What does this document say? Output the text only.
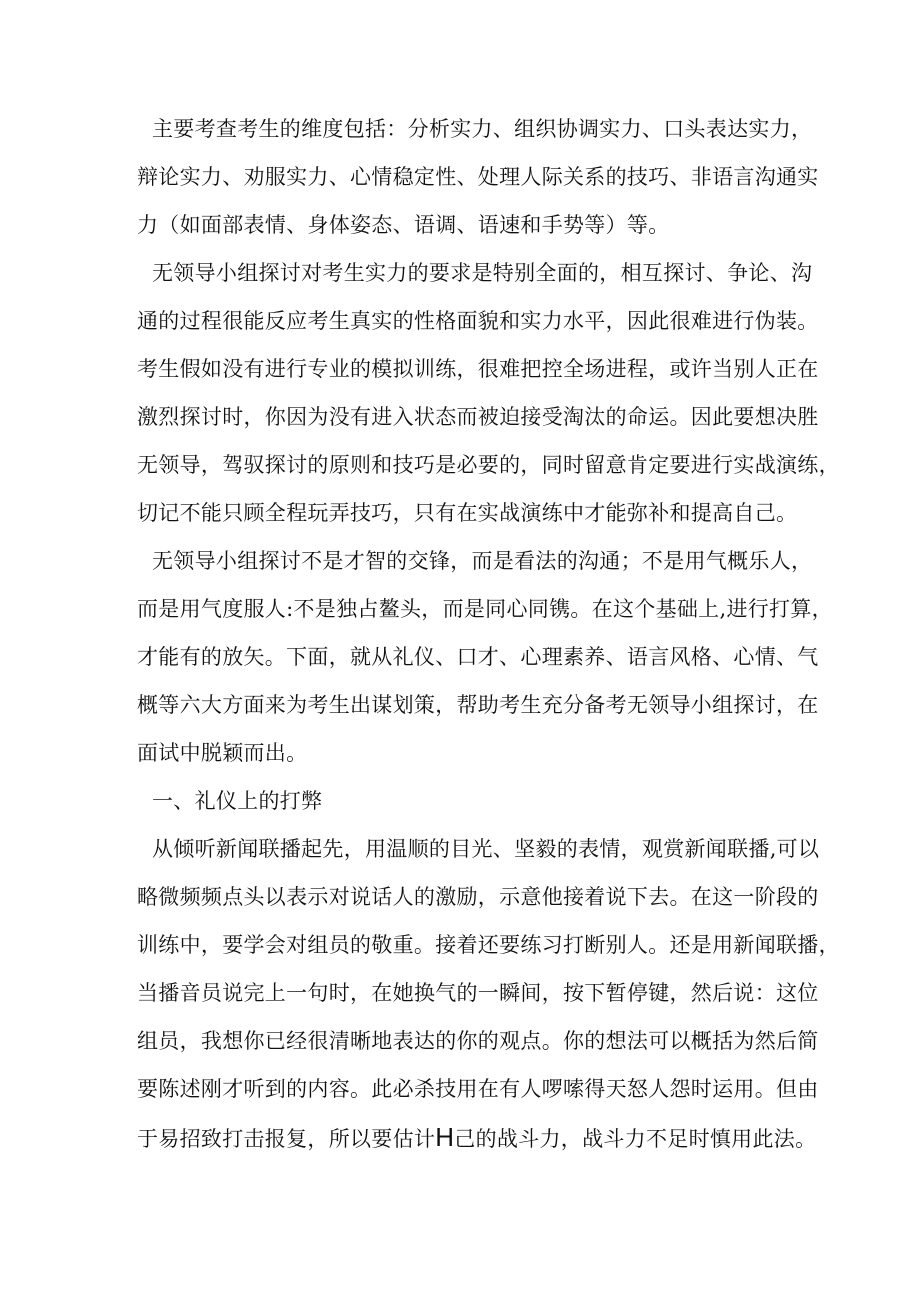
主要考查考生的维度包括：分析实力、组织协调实力、口头表达实力，
辩论实力、劝服实力、心情稳定性、处理人际关系的技巧、非语言沟通实
力（如面部表情、身体姿态、语调、语速和手势等）等。
无领导小组探讨对考生实力的要求是特别全面的，相互探讨、争论、沟
通的过程很能反应考生真实的性格面貌和实力水平，因此很难进行伪装。
考生假如没有进行专业的模拟训练，很难把控全场进程，或许当别人正在
激烈探讨时，你因为没有进入状态而被迫接受淘汰的命运。因此要想决胜
无领导，驾驭探讨的原则和技巧是必要的，同时留意肯定要进行实战演练，
切记不能只顾全程玩弄技巧，只有在实战演练中才能弥补和提高自己。
无领导小组探讨不是才智的交锋，而是看法的沟通；不是用气概乐人，
而是用气度服人:不是独占鳌头，而是同心同镌。在这个基础上,进行打算，
才能有的放矢。下面，就从礼仪、口才、心理素养、语言风格、心情、气
概等六大方面来为考生出谋划策，帮助考生充分备考无领导小组探讨，在
面试中脱颖而出。
一、礼仪上的打弊
从倾听新闻联播起先，用温顺的目光、坚毅的表情，观赏新闻联播,可以
略微频频点头以表示对说话人的激励，示意他接着说下去。在这一阶段的
训练中，要学会对组员的敬重。接着还要练习打断别人。还是用新闻联播，
当播音员说完上一句时，在她换气的一瞬间，按下暂停键，然后说：这位
组员，我想你已经很清晰地表达的你的观点。你的想法可以概括为然后简
要陈述刚才听到的内容。此必杀技用在有人啰嗦得天怒人怨时运用。但由
于易招致打击报复，所以要估计H己的战斗力，战斗力不足时慎用此法。
